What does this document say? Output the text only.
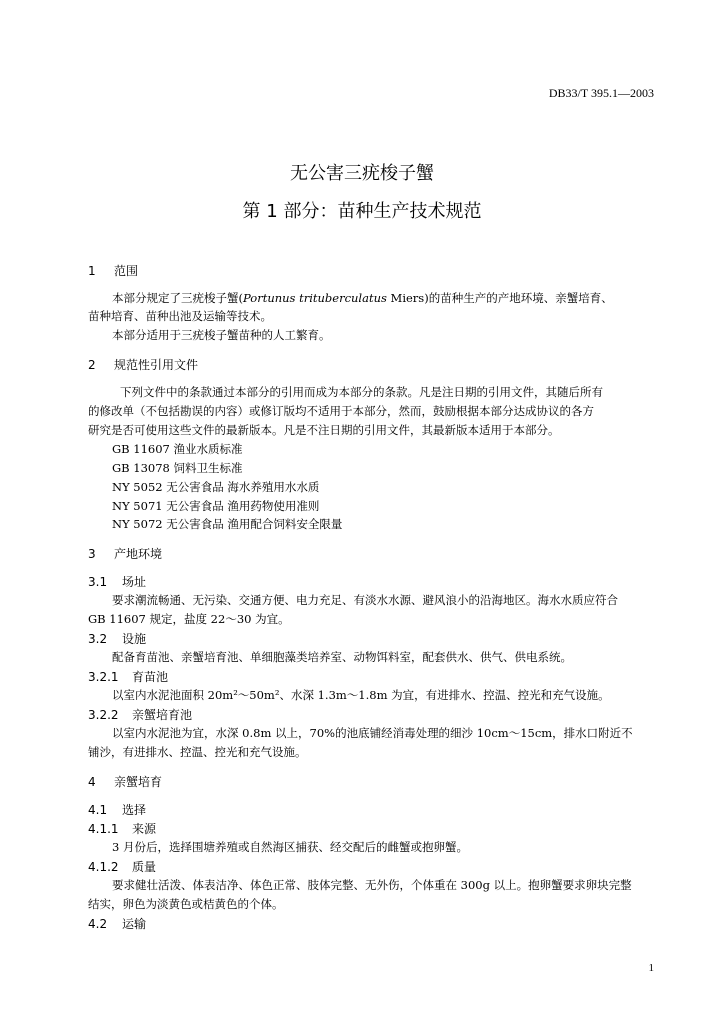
DB33/T 395.1—2003
无公害三疣梭子蟹
第 1 部分：苗种生产技术规范
1 范围
本部分规定了三疣梭子蟹(Portunus trituberculatus Miers)的苗种生产的产地环境、亲蟹培育、
苗种培育、苗种出池及运输等技术。
本部分适用于三疣梭子蟹苗种的人工繁育。
2 规范性引用文件
下列文件中的条款通过本部分的引用而成为本部分的条款。凡是注日期的引用文件，其随后所有
的修改单（不包括勘误的内容）或修订版均不适用于本部分，然而，鼓励根据本部分达成协议的各方
研究是否可使用这些文件的最新版本。凡是不注日期的引用文件，其最新版本适用于本部分。
GB 11607 渔业水质标准
GB 13078 饲料卫生标准
NY 5052 无公害食品 海水养殖用水水质
NY 5071 无公害食品 渔用药物使用准则
NY 5072 无公害食品 渔用配合饲料安全限量
3 产地环境
3.1 场址
要求潮流畅通、无污染、交通方便、电力充足、有淡水水源、避风浪小的沿海地区。海水水质应符合
GB 11607 规定，盐度 22～30 为宜。
3.2 设施
配备育苗池、亲蟹培育池、单细胞藻类培养室、动物饵料室，配套供水、供气、供电系统。
3.2.1 育苗池
以室内水泥池面积 20m²～50m²、水深 1.3m～1.8m 为宜，有进排水、控温、控光和充气设施。
3.2.2 亲蟹培育池
以室内水泥池为宜，水深 0.8m 以上，70%的池底铺经消毒处理的细沙 10cm～15cm，排水口附近不
铺沙，有进排水、控温、控光和充气设施。
4 亲蟹培育
4.1 选择
4.1.1 来源
3 月份后，选择围塘养殖或自然海区捕获、经交配后的雌蟹或抱卵蟹。
4.1.2 质量
要求健壮活泼、体表洁净、体色正常、肢体完整、无外伤，个体重在 300g 以上。抱卵蟹要求卵块完整
结实，卵色为淡黄色或桔黄色的个体。
4.2 运输
1
